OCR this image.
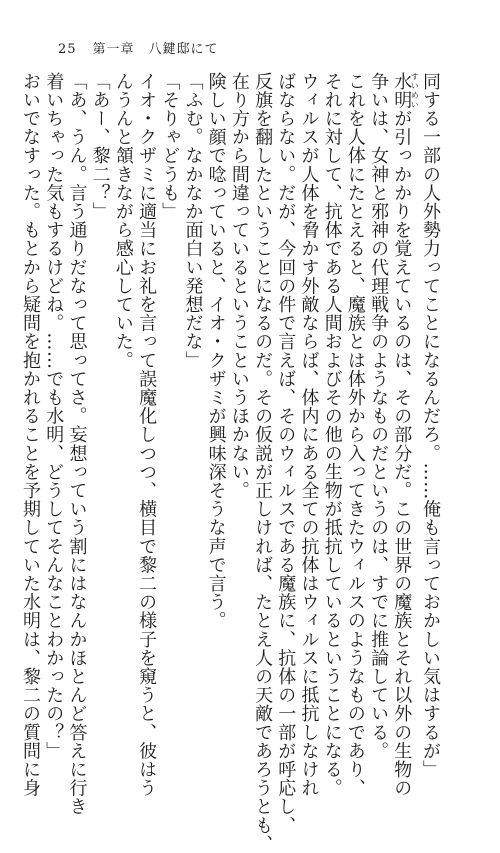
25 第一章　八鍵邸にて

同する一部の人外勢力ってことになるんだろ。……俺も言っておかしい気はするが」

水明すいめいが引っかかりを覚えているのは、その部分だ。この世界の魔族とそれ以外の生物の

争いは、女神と邪神の代理戦争のようなものだというのは、すでに推論している。

これを人体にたとえると、魔族とは体外から入ってきたウィルスのようなものであり、

それに対して、抗体である人間およびその他の生物が抵抗しているということになる。

ウィルスが人体を脅かす外敵ならば、体内にある全ての抗体はウィルスに抵抗しなけれ

ばならない。だが、今回の件で言えば、そのウィルスである魔族に、抗体の一部が呼応し、

反旗を翻したということになるのだ。その仮説が正しければ、たとえ人の天敵であろうとも、

在り方から間違っているというこというほかない。

険しい顔で唸っていると、イオ・クザミが興味深そうな声で言う。

「ふむ。なかなか面白い発想だな」

「そりゃどうも」

イオ・クザミに適当にお礼を言って誤魔化しつつ、横目で黎二の様子を窺うと、彼はう

んうんと頷きながら感心していた。

「あー、黎二？」

「あ、うん。言う通りだなって思ってさ。妄想っていう割にはなんかほとんど答えに行き

着いちゃった気もするけどね。……でも水明、どうしてそんなことわかったの？」

おいでなすった。もとから疑問を抱かれることを予期していた水明は、黎二の質問に身
